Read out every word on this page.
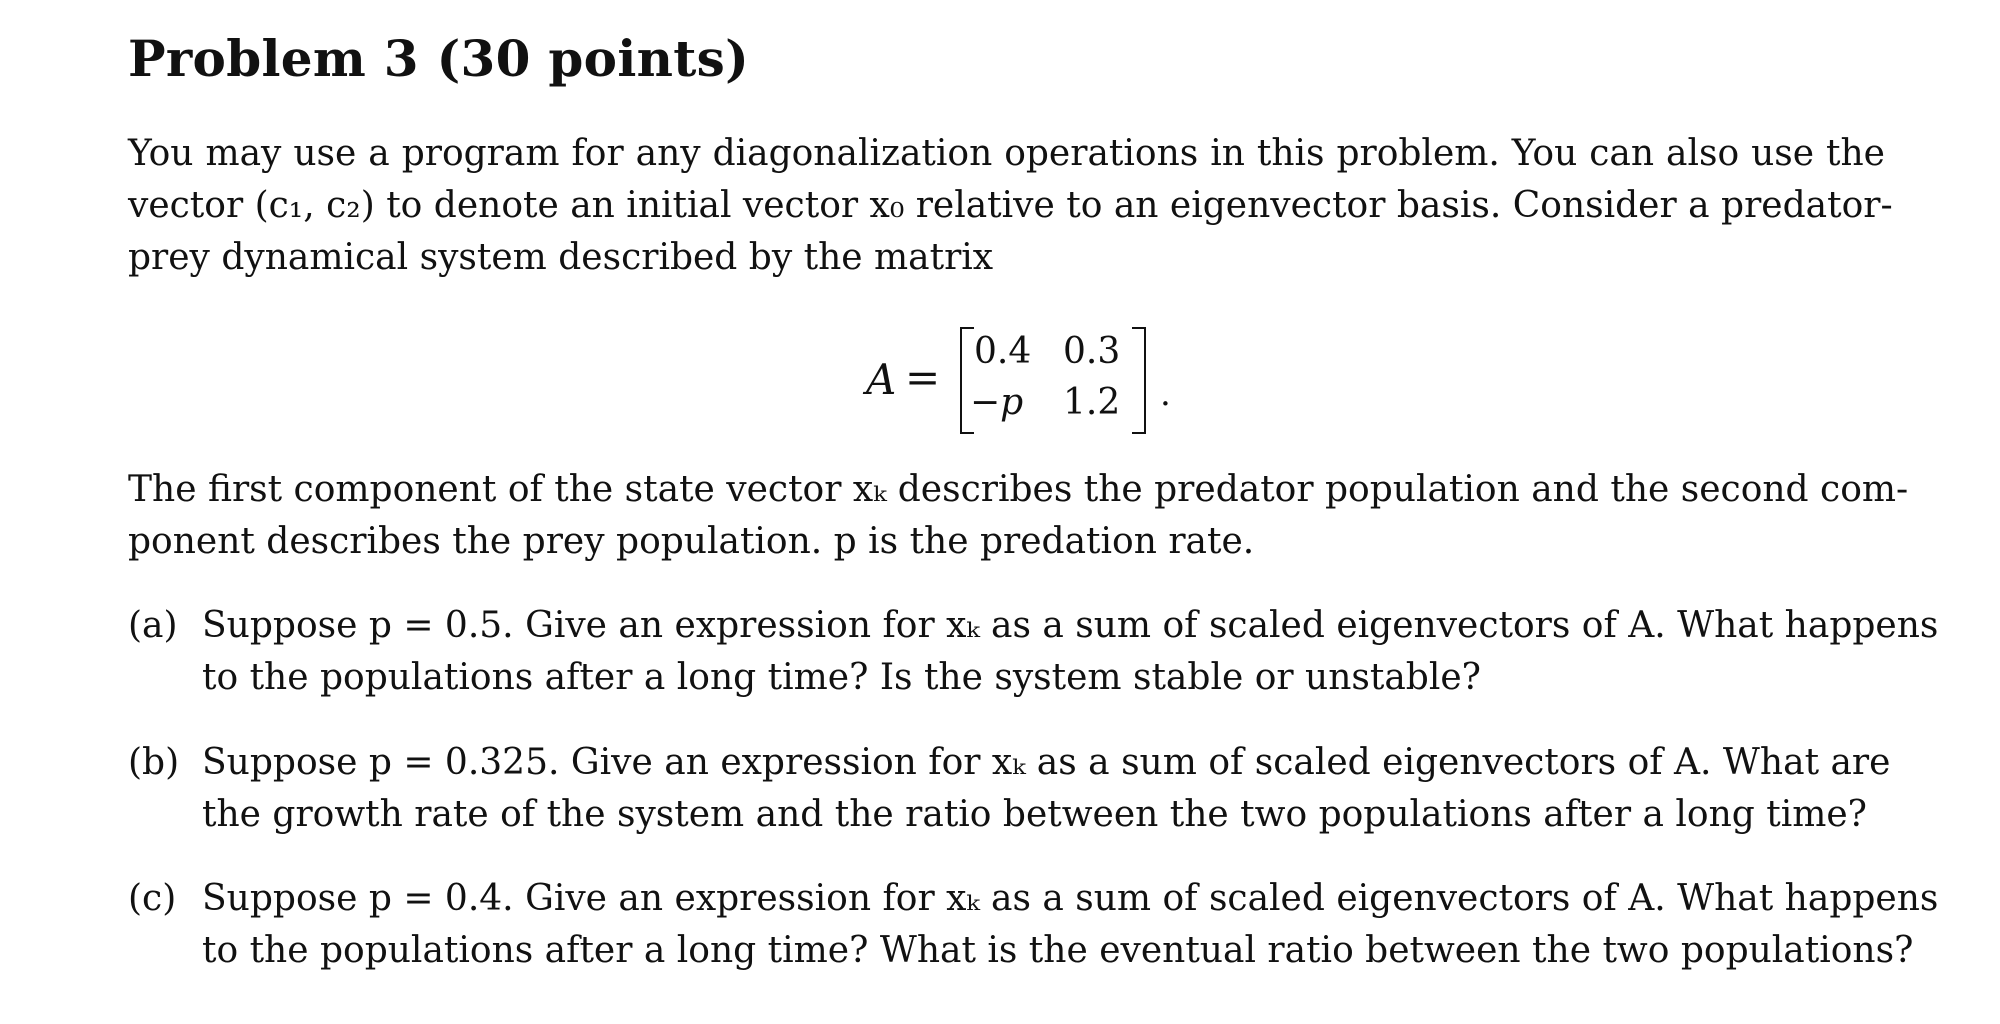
Problem 3 (30 points)

You may use a program for any diagonalization operations in this problem. You can also use the

vector (c₁, c₂) to denote an initial vector x₀ relative to an eigenvector basis. Consider a predator-

prey dynamical system described by the matrix

A =
0.4 0.3
−p 1.2 .

The first component of the state vector xₖ describes the predator population and the second com-

ponent describes the prey population. p is the predation rate.

(a) Suppose p = 0.5. Give an expression for xₖ as a sum of scaled eigenvectors of A. What happens
to the populations after a long time? Is the system stable or unstable?
(b) Suppose p = 0.325. Give an expression for xₖ as a sum of scaled eigenvectors of A. What are
the growth rate of the system and the ratio between the two populations after a long time?
(c) Suppose p = 0.4. Give an expression for xₖ as a sum of scaled eigenvectors of A. What happens
to the populations after a long time? What is the eventual ratio between the two populations?
